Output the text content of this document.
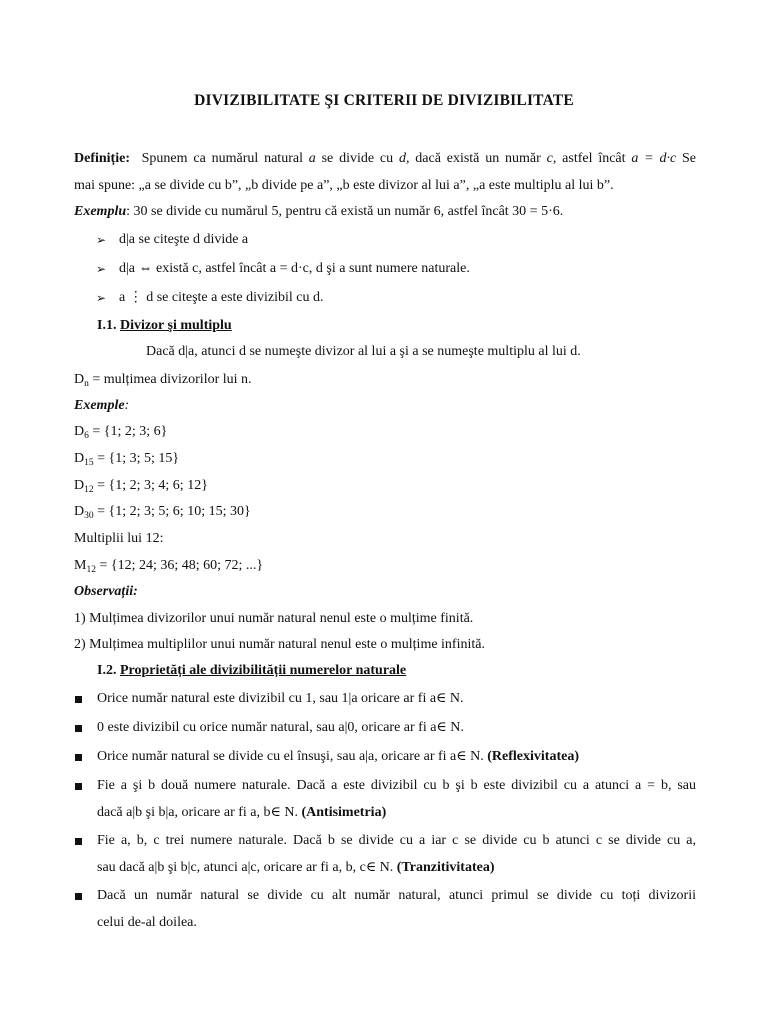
DIVIZIBILITATE ŞI CRITERII DE DIVIZIBILITATE
Definiție: Spunem ca numărul natural a se divide cu d, dacă există un număr c, astfel încât a = d·c Se
mai spune: „a se divide cu b”, „b divide pe a”, „b este divizor al lui a”, „a este multiplu al lui b”.
Exemplu: 30 se divide cu numărul 5, pentru că există un număr 6, astfel încât 30 = 5·6.
➢ d|a se citeşte d divide a
➢ d|a ⇔ există c, astfel încât a = d·c, d şi a sunt numere naturale.
➢ a ⋮ d se citeşte a este divizibil cu d.
I.1. Divizor şi multiplu
Dacă d|a, atunci d se numeşte divizor al lui a şi a se numeşte multiplu al lui d.
$D_n$ = mulțimea divizorilor lui n.
Exemple:
$D_6 = \{1$; 2; 3; 6}
$D_{15} = \{1$; 3; 5; 15}
$D_{12} = \{1$; 2; 3; 4; 6; 12}
$D_{30} = \{1$; 2; 3; 5; 6; 10; 15; 30}
Multiplii lui 12:
$M_{12} = \{12$; 24; 36; 48; 60; 72; ...}
Observații:
1) Mulțimea divizorilor unui număr natural nenul este o mulțime finită.
2) Mulțimea multiplilor unui număr natural nenul este o mulțime infinită.
I.2. Proprietăți ale divizibilității numerelor naturale
Orice număr natural este divizibil cu 1, sau 1|a oricare ar fi a∈ N.
0 este divizibil cu orice număr natural, sau a|0, oricare ar fi a∈ N.
Orice număr natural se divide cu el însuşi, sau a|a, oricare ar fi a∈ N. (Reflexivitatea)
Fie a şi b două numere naturale. Dacă a este divizibil cu b şi b este divizibil cu a atunci a = b, sau
dacă a|b şi b|a, oricare ar fi a, b∈ N. (Antisimetria)
Fie a, b, c trei numere naturale. Dacă b se divide cu a iar c se divide cu b atunci c se divide cu a,
sau dacă a|b şi b|c, atunci a|c, oricare ar fi a, b, c∈ N. (Tranzitivitatea)
Dacă un număr natural se divide cu alt număr natural, atunci primul se divide cu toți divizorii
celui de-al doilea.
